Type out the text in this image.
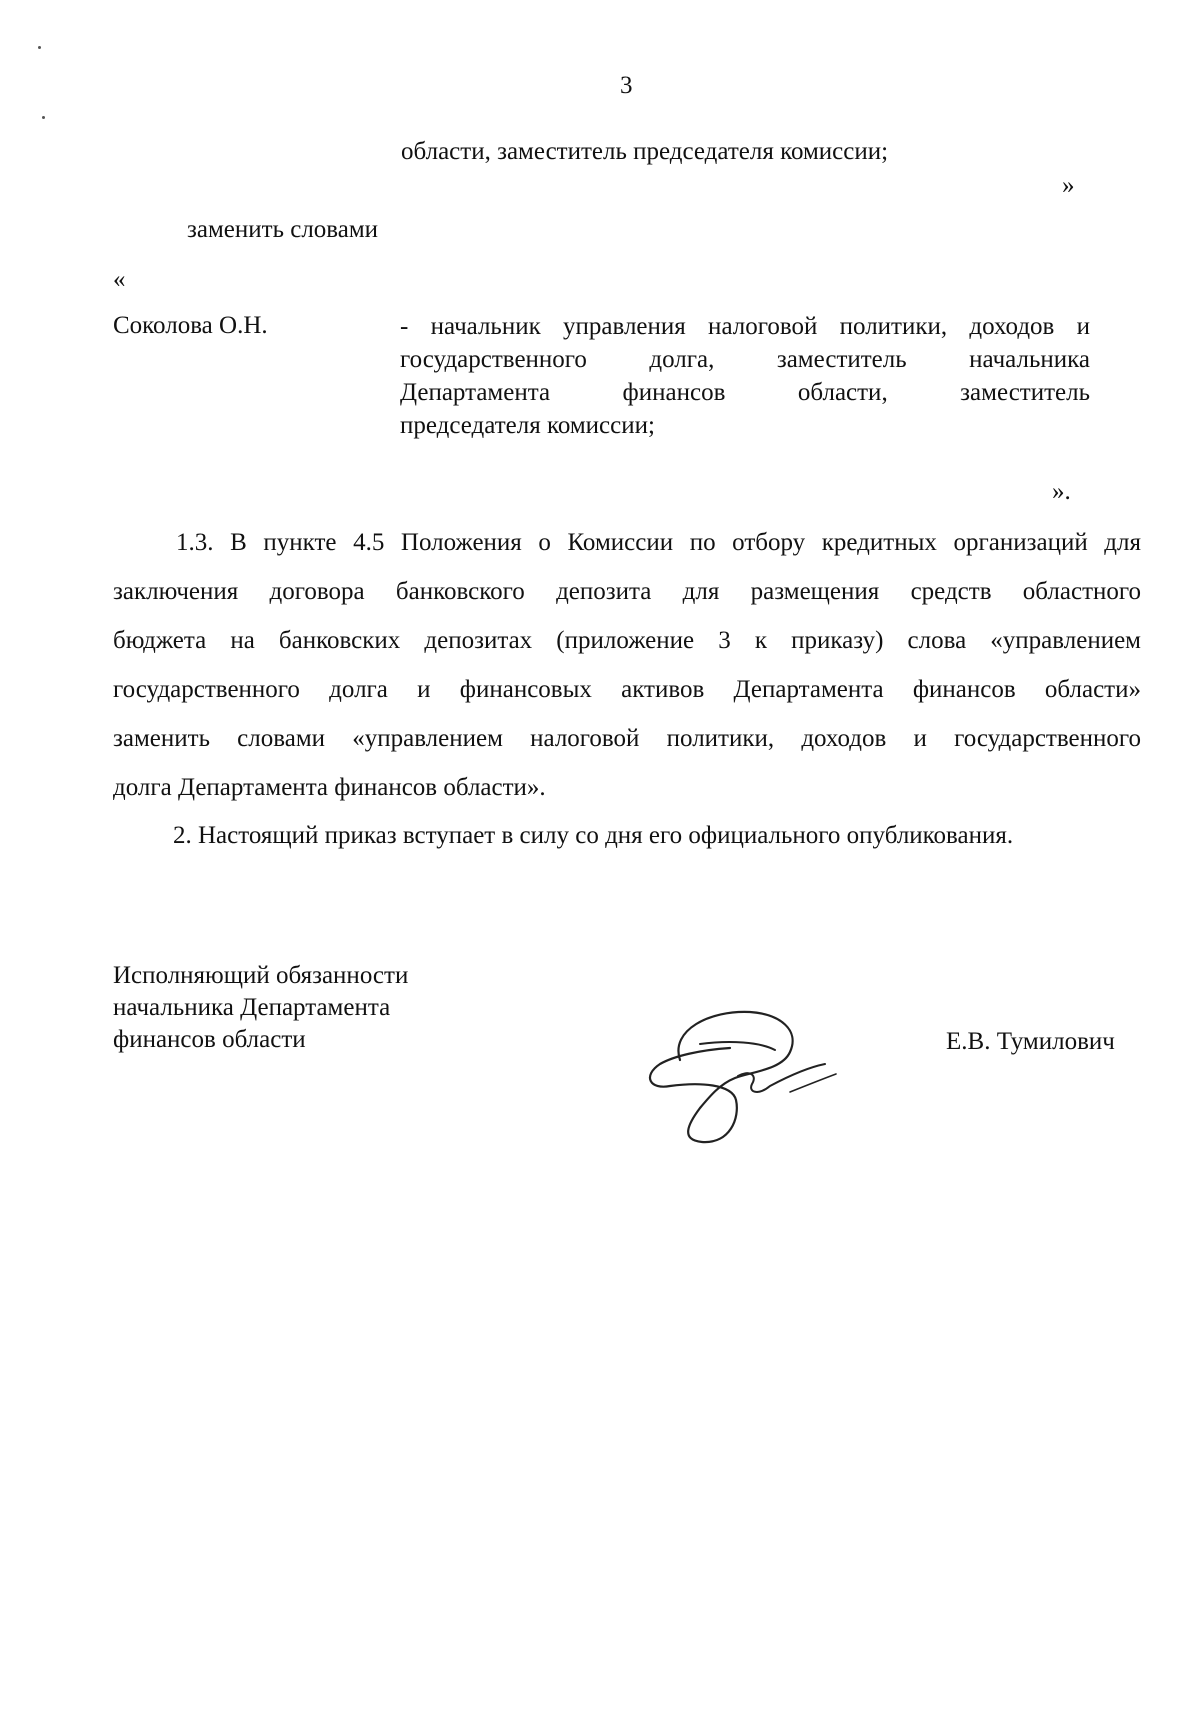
3
области, заместитель председателя комиссии;
»
заменить словами
«
Соколова О.Н.	- начальник управления налоговой политики, доходов и
государственного долга, заместитель начальника
Департамента финансов области, заместитель
председателя комиссии;
».
1.3. В пункте 4.5 Положения о Комиссии по отбору кредитных организаций для
заключения договора банковского депозита для размещения средств областного
бюджета на банковских депозитах (приложение 3 к приказу) слова «управлением
государственного долга и финансовых активов Департамента финансов области»
заменить словами «управлением налоговой политики, доходов и государственного
долга Департамента финансов области».
2. Настоящий приказ вступает в силу со дня его официального опубликования.
Исполняющий обязанности
начальника Департамента
финансов области	Е.В. Тумилович
